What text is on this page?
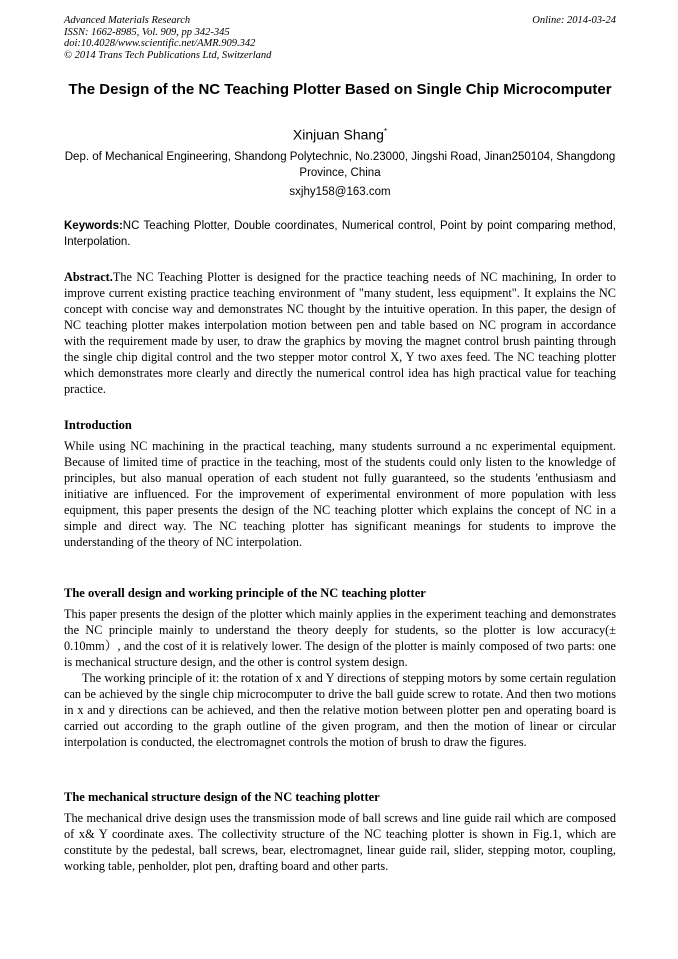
Advanced Materials Research
ISSN: 1662-8985, Vol. 909, pp 342-345
doi:10.4028/www.scientific.net/AMR.909.342
© 2014 Trans Tech Publications Ltd, Switzerland
Online: 2014-03-24
The Design of the NC Teaching Plotter Based on Single Chip Microcomputer
Xinjuan Shang*
Dep. of Mechanical Engineering, Shandong Polytechnic, No.23000, Jingshi Road, Jinan250104, Shangdong Province, China
sxjhy158@163.com
Keywords:NC Teaching Plotter, Double coordinates, Numerical control, Point by point comparing method, Interpolation.
Abstract.The NC Teaching Plotter is designed for the practice teaching needs of NC machining, In order to improve current existing practice teaching environment of "many student, less equipment". It explains the NC concept with concise way and demonstrates NC thought by the intuitive operation. In this paper, the design of NC teaching plotter makes interpolation motion between pen and table based on NC program in accordance with the requirement made by user, to draw the graphics by moving the magnet control brush painting through the single chip digital control and the two stepper motor control X, Y two axes feed. The NC teaching plotter which demonstrates more clearly and directly the numerical control idea has high practical value for teaching practice.
Introduction
While using NC machining in the practical teaching, many students surround a nc experimental equipment. Because of limited time of practice in the teaching, most of the students could only listen to the knowledge of principles, but also manual operation of each student not fully guaranteed, so the students 'enthusiasm and initiative are influenced. For the improvement of experimental environment of more population with less equipment, this paper presents the design of the NC teaching plotter which explains the concept of NC in a simple and direct way. The NC teaching plotter has significant meanings for students to improve the understanding of the theory of NC interpolation.
The overall design and working principle of the NC teaching plotter

This paper presents the design of the plotter which mainly applies in the experiment teaching and demonstrates the NC principle mainly to understand the theory deeply for students, so the plotter is low accuracy(± 0.10mm）, and the cost of it is relatively lower. The design of the plotter is mainly composed of two parts: one is mechanical structure design, and the other is control system design.

The working principle of it: the rotation of x and Y directions of stepping motors by some certain regulation can be achieved by the single chip microcomputer to drive the ball guide screw to rotate. And then two motions in x and y directions can be achieved, and then the relative motion between plotter pen and operating board is carried out according to the graph outline of the given program, and then the motion of linear or circular interpolation is conducted, the electromagnet controls the motion of brush to draw the figures.

The mechanical structure design of the NC teaching plotter
The mechanical drive design uses the transmission mode of ball screws and line guide rail which are composed of x& Y coordinate axes. The collectivity structure of the NC teaching plotter is shown in Fig.1, which are constitute by the pedestal, ball screws, bear, electromagnet, linear guide rail, slider, stepping motor, coupling, working table, penholder, plot pen, drafting board and other parts.
